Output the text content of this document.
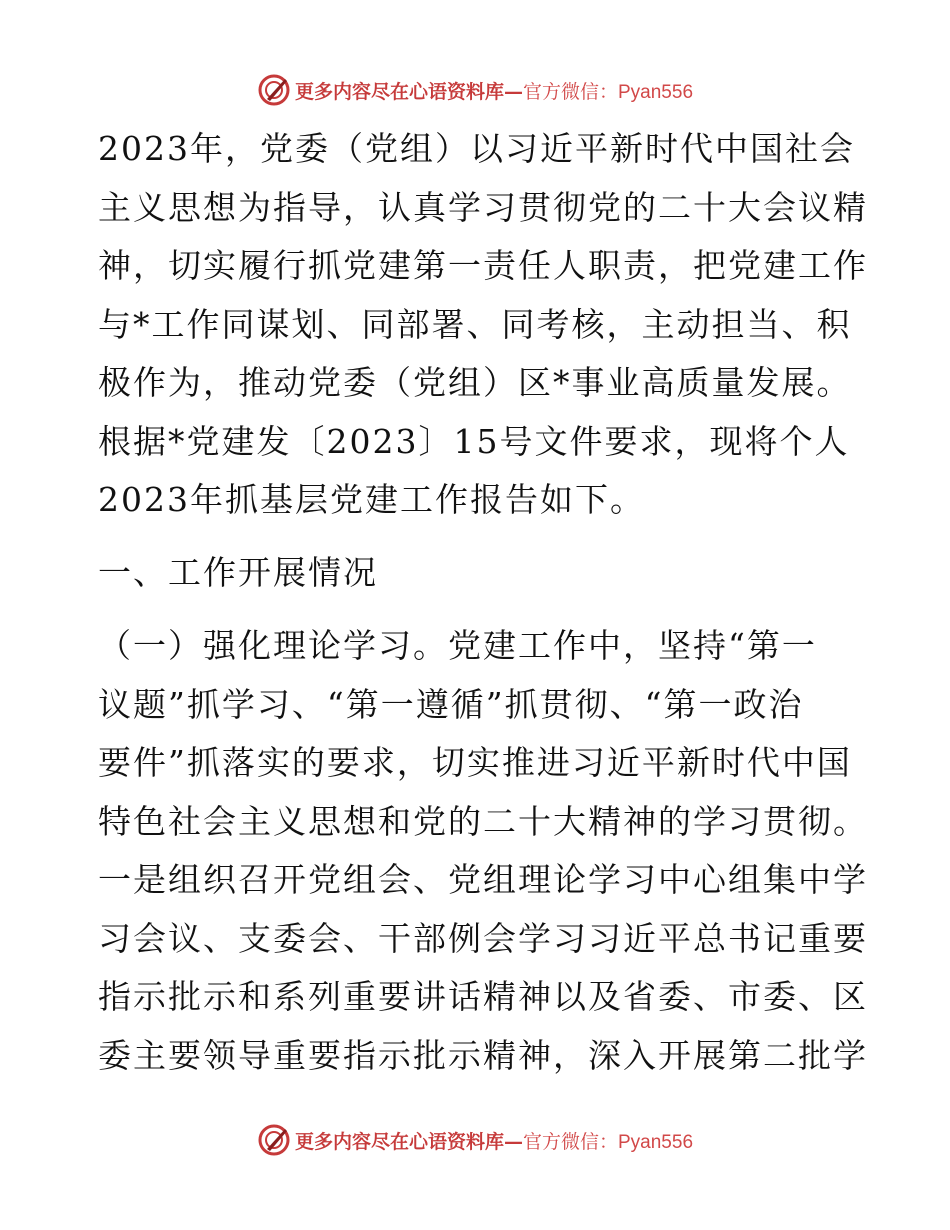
更多内容尽在心语资料库—官方微信：Pyan556
2023年，党委（党组）以习近平新时代中国社会
主义思想为指导，认真学习贯彻党的二十大会议精
神，切实履行抓党建第一责任人职责，把党建工作
与*工作同谋划、同部署、同考核，主动担当、积
极作为，推动党委（党组）区*事业高质量发展。
根据*党建发〔2023〕15号文件要求，现将个人
2023年抓基层党建工作报告如下。
一、工作开展情况
（一）强化理论学习。党建工作中，坚持“第一
议题”抓学习、“第一遵循”抓贯彻、“第一政治
要件”抓落实的要求，切实推进习近平新时代中国
特色社会主义思想和党的二十大精神的学习贯彻。
一是组织召开党组会、党组理论学习中心组集中学
习会议、支委会、干部例会学习习近平总书记重要
指示批示和系列重要讲话精神以及省委、市委、区
委主要领导重要指示批示精神，深入开展第二批学
更多内容尽在心语资料库—官方微信：Pyan556
